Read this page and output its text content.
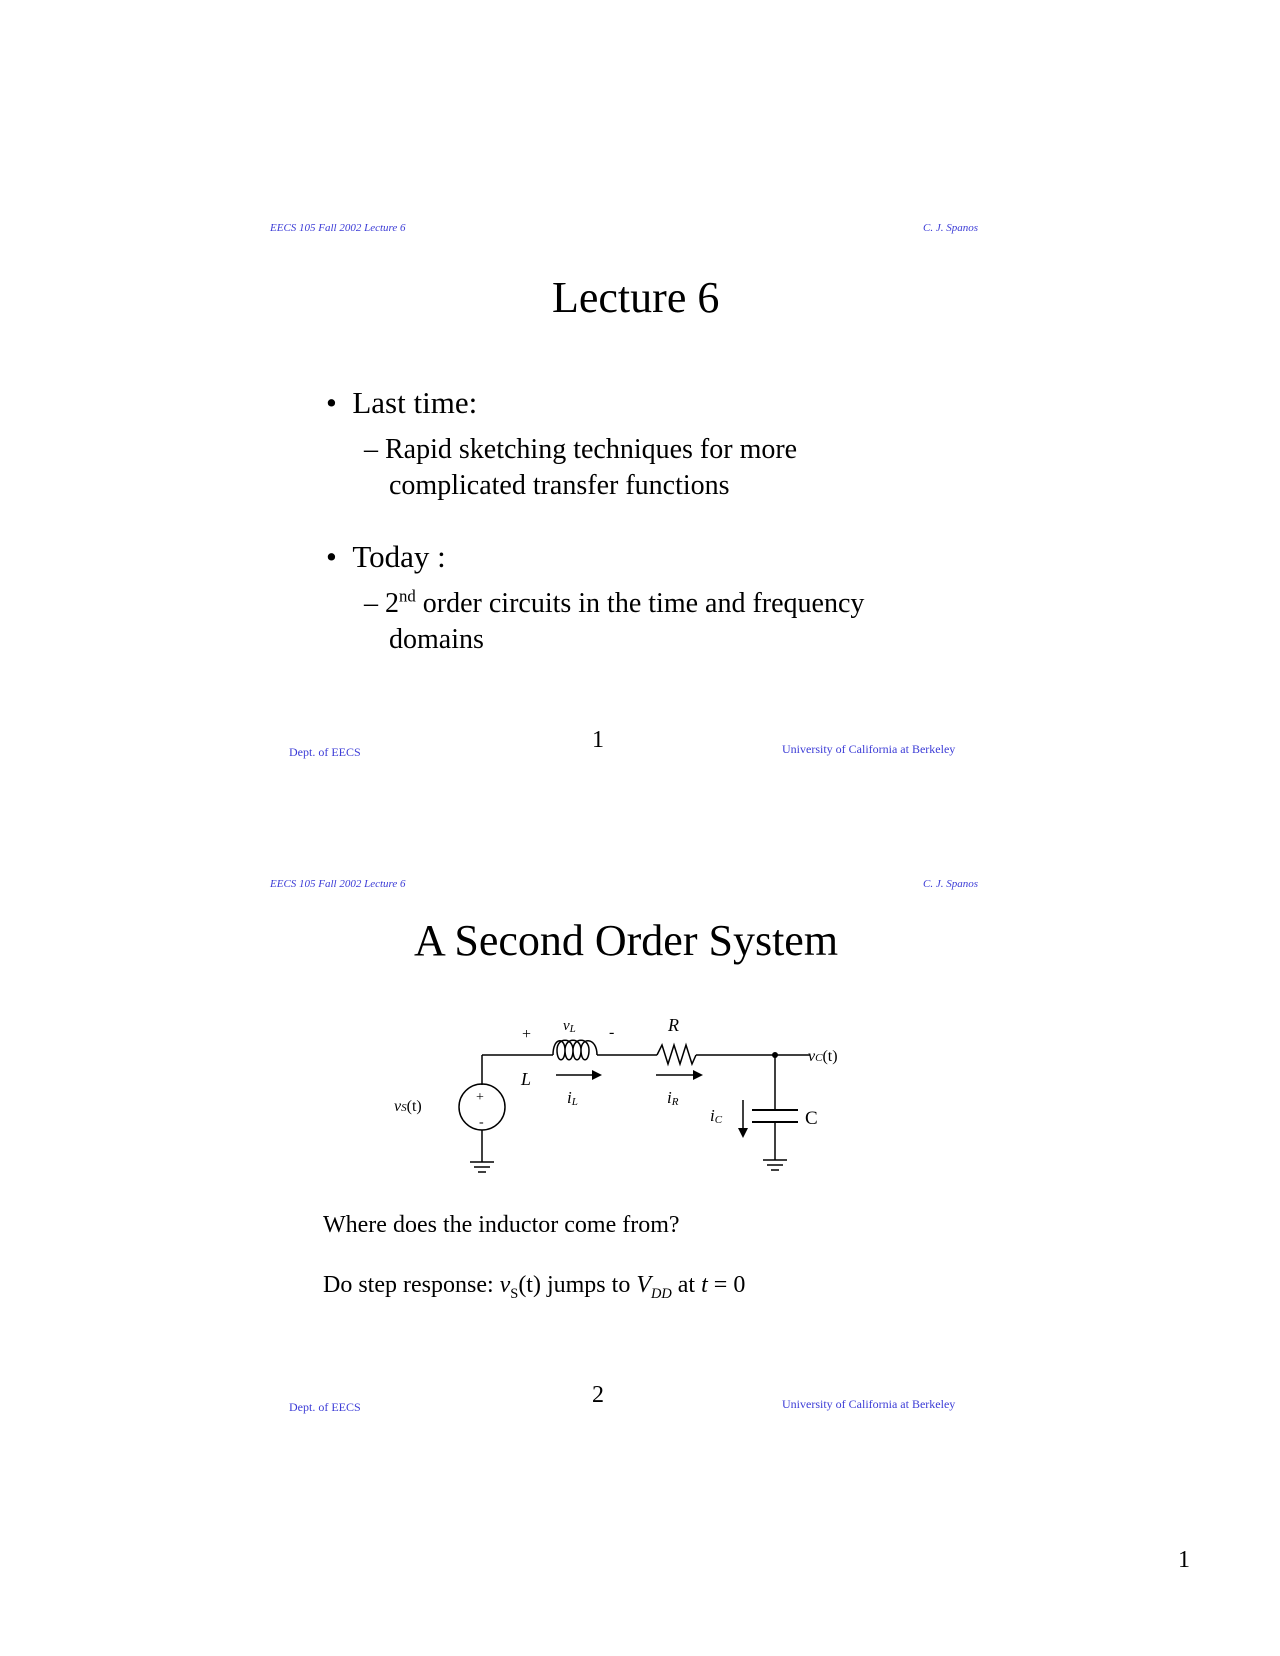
EECS 105 Fall 2002 Lecture 6	C. J. Spanos
Lecture 6
• Last time:
– Rapid sketching techniques for more
complicated transfer functions
• Today :
– 2nd order circuits in the time and frequency
domains
Dept. of EECS	1	University of California at Berkeley
EECS 105 Fall 2002 Lecture 6	C. J. Spanos
A Second Order System
+	-
vL	R
L
iL	iR
iC	C
vS(t)
vC(t)
+
-
Where does the inductor come from?
Do step response: $v_S(t)$ jumps to $V_{DD}$ at t = 0
Dept. of EECS	2	University of California at Berkeley
1
